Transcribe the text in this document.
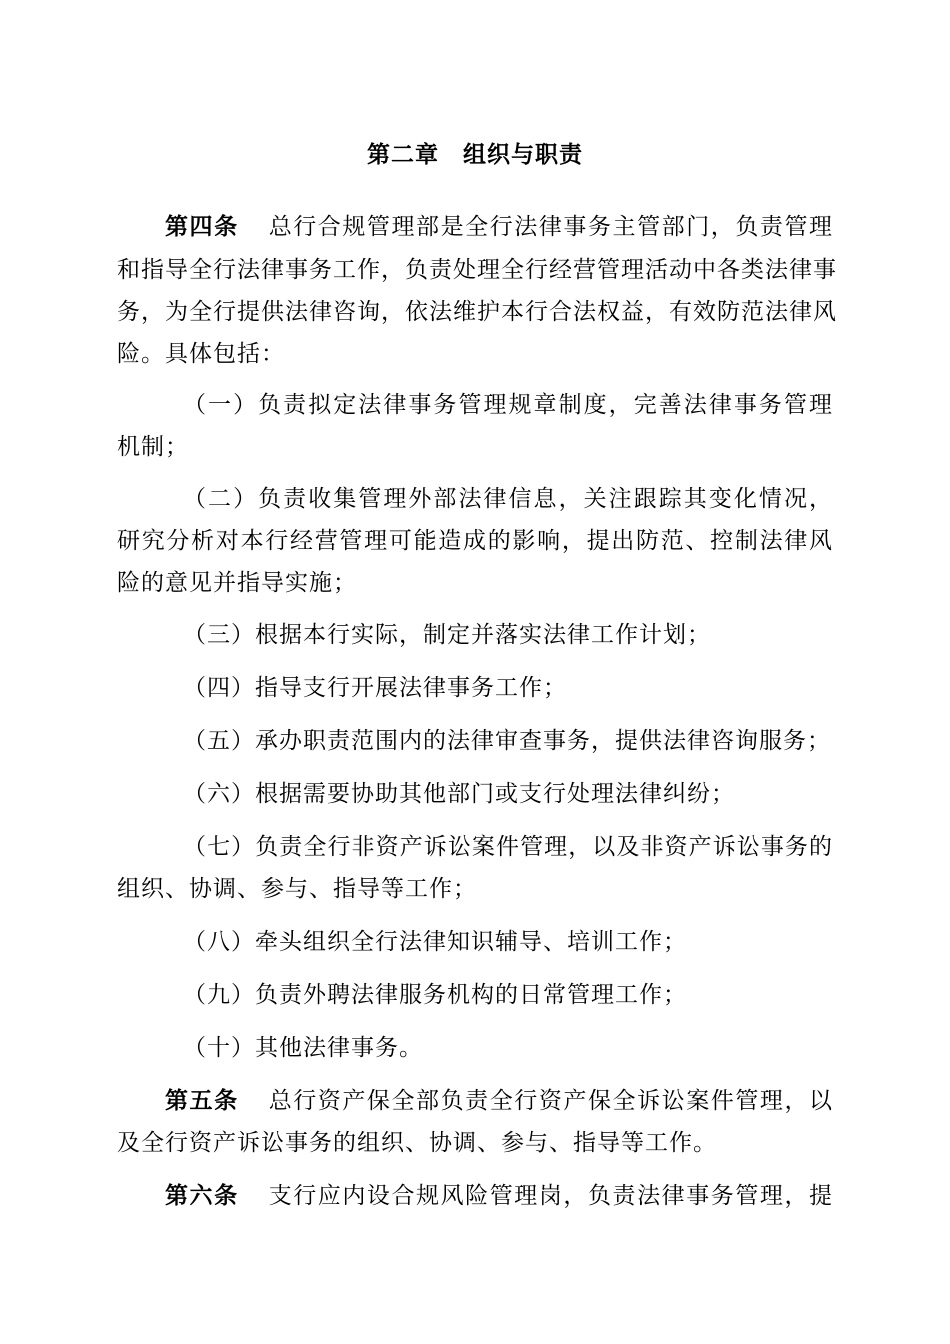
第二章　组织与职责
第四条 总行合规管理部是全行法律事务主管部门，负责管理
和指导全行法律事务工作，负责处理全行经营管理活动中各类法律事
务，为全行提供法律咨询，依法维护本行合法权益，有效防范法律风
险。具体包括：
（一）负责拟定法律事务管理规章制度，完善法律事务管理
机制；
（二）负责收集管理外部法律信息，关注跟踪其变化情况，
研究分析对本行经营管理可能造成的影响，提出防范、控制法律风
险的意见并指导实施；
（三）根据本行实际，制定并落实法律工作计划；
（四）指导支行开展法律事务工作；
（五）承办职责范围内的法律审查事务，提供法律咨询服务；
（六）根据需要协助其他部门或支行处理法律纠纷；
（七）负责全行非资产诉讼案件管理，以及非资产诉讼事务的
组织、协调、参与、指导等工作；
（八）牵头组织全行法律知识辅导、培训工作；
（九）负责外聘法律服务机构的日常管理工作；
（十）其他法律事务。
第五条 总行资产保全部负责全行资产保全诉讼案件管理，以
及全行资产诉讼事务的组织、协调、参与、指导等工作。
第六条 支行应内设合规风险管理岗，负责法律事务管理，提
